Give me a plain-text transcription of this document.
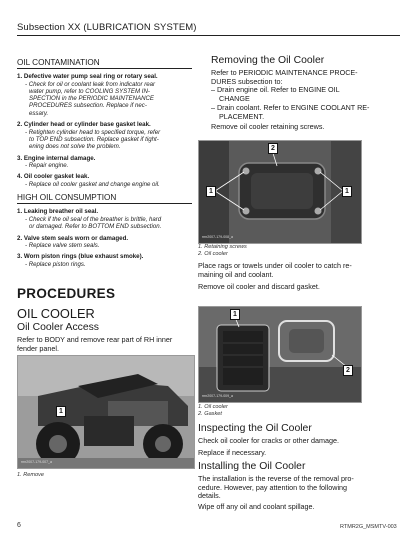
Subsection XX (LUBRICATION SYSTEM)
OIL CONTAMINATION
1. Defective water pump seal ring or rotary seal.
- Check for oil or coolant leak from indicator rear
water pump, refer to COOLING SYSTEM IN-
SPECTION in the PERIODIC MAINTENANCE
PROCEDURES subsection. Replace if nec-
essary.
2. Cylinder head or cylinder base gasket leak.
- Retighten cylinder head to specified torque, refer
to TOP END subsection. Replace gasket if tight-
ening does not solve the problem.
3. Engine internal damage.
- Repair engine.
4. Oil cooler gasket leak.
- Replace oil cooler gasket and change engine oil.
HIGH OIL CONSUMPTION
1. Leaking breather oil seal.
- Check if the oil seal of the breather is brittle, hard
or damaged. Refer to BOTTOM END subsection.
2. Valve stem seals worn or damaged.
- Replace valve stem seals.
3. Worn piston rings (blue exhaust smoke).
- Replace piston rings.
PROCEDURES
OIL COOLER
Oil Cooler Access
Refer to BODY and remove rear part of RH inner
fender panel.
1
rmr2007-179-007_a
1. Remove
Removing the Oil Cooler
Refer to PERIODIC MAINTENANCE PROCE-
DURES subsection to:
– Drain engine oil. Refer to ENGINE OIL
CHANGE
– Drain coolant. Refer to ENGINE COOLANT RE-
PLACEMENT.
Remove oil cooler retaining screws.
2
1	1
rmr2007-179-008_a
1. Retaining screws
2. Oil cooler
Place rags or towels under oil cooler to catch re-
maining oil and coolant.
Remove oil cooler and discard gasket.
1
2
rmr2007-179-009_a
1. Oil cooler
2. Gasket
Inspecting the Oil Cooler
Check oil cooler for cracks or other damage.
Replace if necessary.
Installing the Oil Cooler
The installation is the reverse of the removal pro-
cedure. However, pay attention to the following
details.
Wipe off any oil and coolant spillage.
6	RTMR2G_MSMTV-003
